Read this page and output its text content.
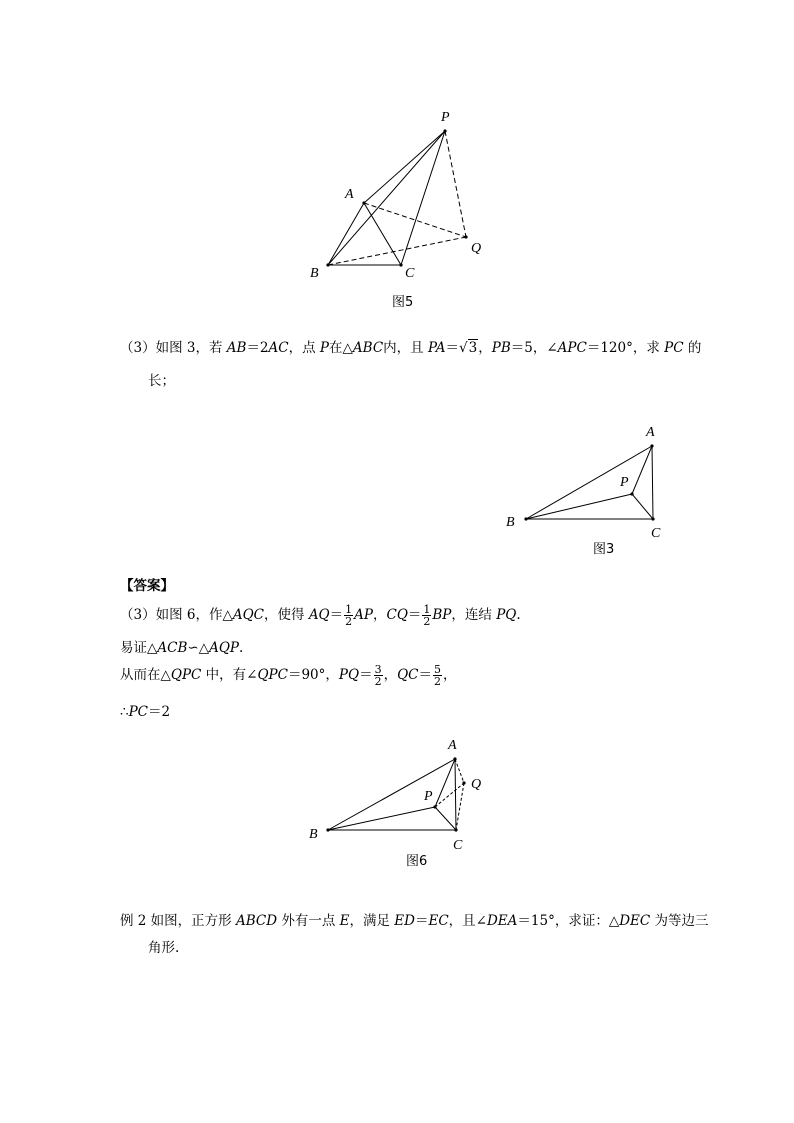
P
A
Q
B	C
图5
（3）如图 3，若 AB＝2AC，点 P在△ABC内，且 PA＝√3，PB＝5，∠APC＝120°，求 PC 的
长；
A
P
B
C
图3
【答案】
（3）如图 6，作△AQC，使得 $AQ= \frac{1}{2}$ AP，$CQ= \frac{1}{2}$ BP，连结 PQ.
易证△ACB∽△AQP.
从而在△QPC 中，有∠QPC＝90°，$PQ= \frac{3}{2}$ ，$QC= \frac{5}{2}$ ，
∴PC＝2
A
P
Q
B
C
图6
例 2 如图，正方形 ABCD 外有一点 E，满足 ED＝EC，且∠DEA＝15°，求证：△DEC 为等边三
角形.
